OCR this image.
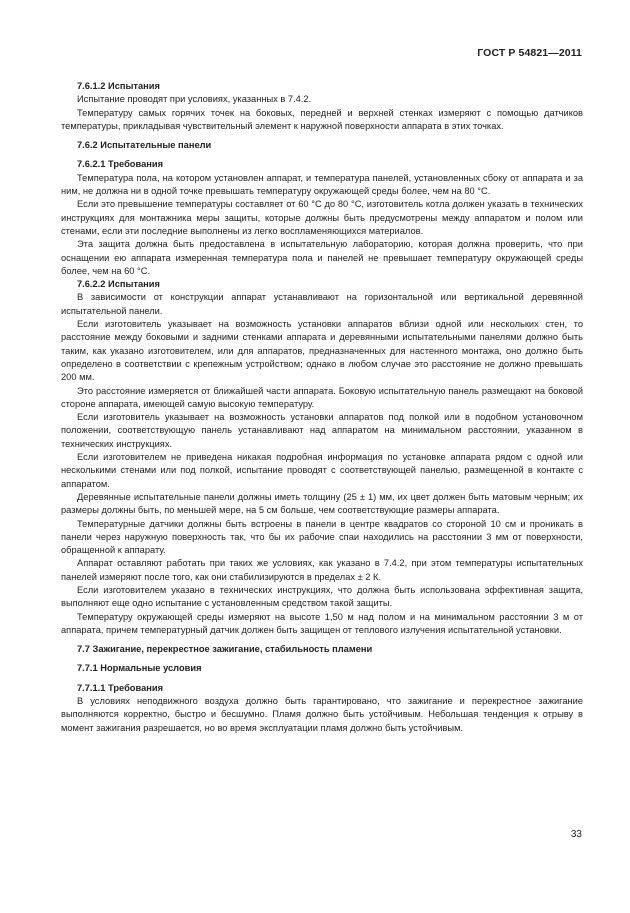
ГОСТ Р 54821—2011
7.6.1.2 Испытания
Испытание проводят при условиях, указанных в 7.4.2.
Температуру самых горячих точек на боковых, передней и верхней стенках измеряют с помощью датчиков температуры, прикладывая чувствительный элемент к наружной поверхности аппарата в этих точках.
7.6.2 Испытательные панели
7.6.2.1 Требования
Температура пола, на котором установлен аппарат, и температура панелей, установленных сбоку от аппарата и за ним, не должна ни в одной точке превышать температуру окружающей среды более, чем на 80 °С.
Если это превышение температуры составляет от 60 °С до 80 °С, изготовитель котла должен указать в технических инструкциях для монтажника меры защиты, которые должны быть предусмотрены между аппаратом и полом или стенами, если эти последние выполнены из легко воспламеняющихся материалов.
Эта защита должна быть предоставлена в испытательную лабораторию, которая должна проверить, что при оснащении ею аппарата измеренная температура пола и панелей не превышает температуру окружающей среды более, чем на 60 °С.
7.6.2.2 Испытания
В зависимости от конструкции аппарат устанавливают на горизонтальной или вертикальной деревянной испытательной панели.
Если изготовитель указывает на возможность установки аппаратов вблизи одной или нескольких стен, то расстояние между боковыми и задними стенками аппарата и деревянными испытательными панелями должно быть таким, как указано изготовителем, или для аппаратов, предназначенных для настенного монтажа, оно должно быть определено в соответствии с крепежным устройством; однако в любом случае это расстояние не должно превышать 200 мм.
Это расстояние измеряется от ближайшей части аппарата. Боковую испытательную панель размещают на боковой стороне аппарата, имеющей самую высокую температуру.
Если изготовитель указывает на возможность установки аппаратов под полкой или в подобном установочном положении, соответствующую панель устанавливают над аппаратом на минимальном расстоянии, указанном в технических инструкциях.
Если изготовителем не приведена никакая подробная информация по установке аппарата рядом с одной или несколькими стенами или под полкой, испытание проводят с соответствующей панелью, размещенной в контакте с аппаратом.
Деревянные испытательные панели должны иметь толщину (25 ± 1) мм, их цвет должен быть матовым черным; их размеры должны быть, по меньшей мере, на 5 см больше, чем соответствующие размеры аппарата.
Температурные датчики должны быть встроены в панели в центре квадратов со стороной 10 см и проникать в панели через наружную поверхность так, что бы их рабочие спаи находились на расстоянии 3 мм от поверхности, обращенной к аппарату.
Аппарат оставляют работать при таких же условиях, как указано в 7.4.2, при этом температуры испытательных панелей измеряют после того, как они стабилизируются в пределах ± 2 К.
Если изготовителем указано в технических инструкциях, что должна быть использована эффективная защита, выполняют еще одно испытание с установленным средством такой защиты.
Температуру окружающей среды измеряют на высоте 1,50 м над полом и на минимальном расстоянии 3 м от аппарата, причем температурный датчик должен быть защищен от теплового излучения испытательной установки.
7.7 Зажигание, перекрестное зажигание, стабильность пламени
7.7.1 Нормальные условия
7.7.1.1 Требования
В условиях неподвижного воздуха должно быть гарантировано, что зажигание и перекрестное зажигание выполняются корректно, быстро и бесшумно. Пламя должно быть устойчивым. Небольшая тенденция к отрыву в момент зажигания разрешается, но во время эксплуатации пламя должно быть устойчивым.
33
